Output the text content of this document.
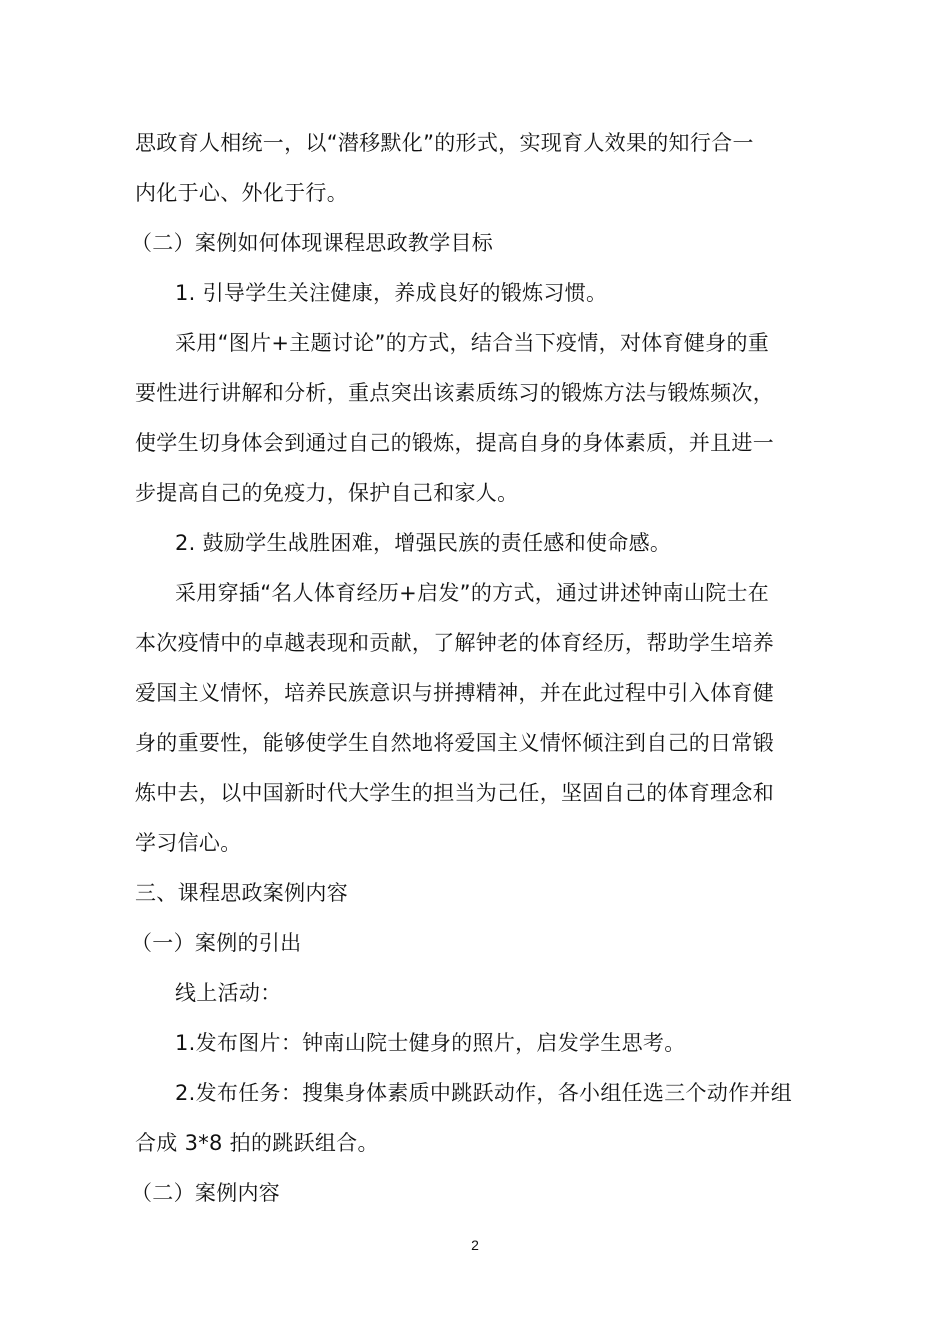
思政育人相统一，以“潜移默化”的形式，实现育人效果的知行合一
内化于心、外化于行。
（二）案例如何体现课程思政教学目标
1. 引导学生关注健康，养成良好的锻炼习惯。
采用“图片+主题讨论”的方式，结合当下疫情，对体育健身的重
要性进行讲解和分析，重点突出该素质练习的锻炼方法与锻炼频次，
使学生切身体会到通过自己的锻炼，提高自身的身体素质，并且进一
步提高自己的免疫力，保护自己和家人。
2. 鼓励学生战胜困难，增强民族的责任感和使命感。
采用穿插“名人体育经历+启发”的方式，通过讲述钟南山院士在
本次疫情中的卓越表现和贡献，了解钟老的体育经历，帮助学生培养
爱国主义情怀，培养民族意识与拼搏精神，并在此过程中引入体育健
身的重要性，能够使学生自然地将爱国主义情怀倾注到自己的日常锻
炼中去，以中国新时代大学生的担当为己任，坚固自己的体育理念和
学习信心。
三、课程思政案例内容
（一）案例的引出
线上活动：
1.发布图片：钟南山院士健身的照片，启发学生思考。
2.发布任务：搜集身体素质中跳跃动作，各小组任选三个动作并组
合成 3*8 拍的跳跃组合。
（二）案例内容
2
